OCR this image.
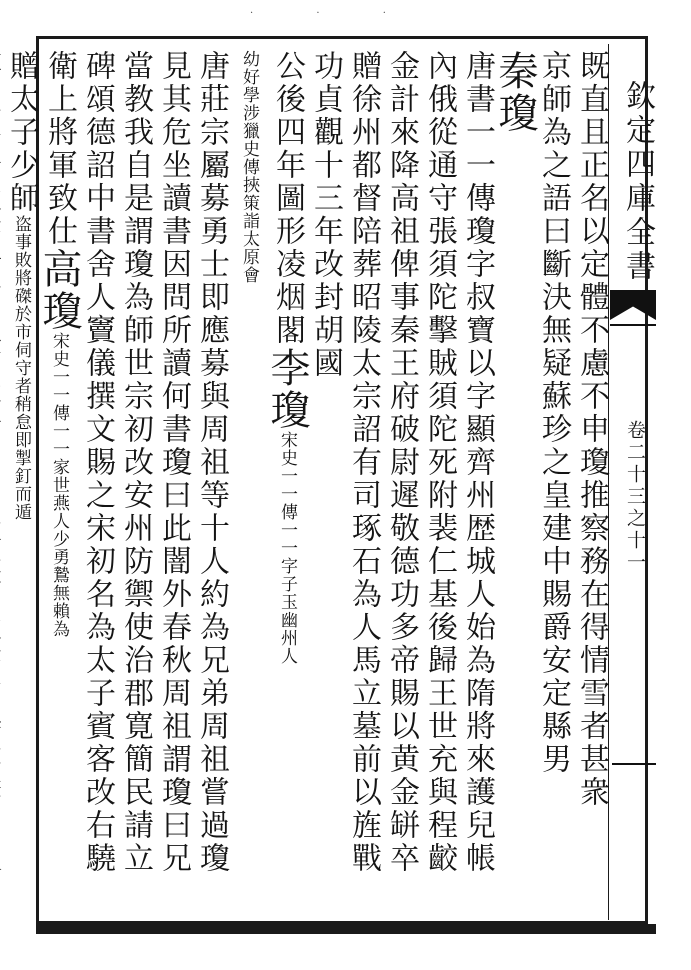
· · ·
欽定四庫全書
卷二十三之十一
既直且正名以定體不慮不申瓊推察務在得情雪者甚衆
京師為之語曰斷決無疑蘇珍之皇建中賜爵安定縣男
秦瓊
唐書一一傳瓊字叔寶以字顯齊州歴城人始為隋將來護兒帳
內俄從通守張須陀擊賊須陀死附裴仁基後歸王世充與程齩
金計來降高祖俾事秦王府破尉遲敬德功多帝賜以黄金缾卒
贈徐州都督陪葬昭陵太宗詔有司琢石為人馬立墓前以旌戰
功貞觀十三年改封胡國
公後四年圖形凌烟閣李瓊宋史一一傳一一字子玉幽州人
幼好學涉獵史傳挾策詣太原會
唐莊宗屬募勇士即應募與周祖等十人約為兄弟周祖嘗過瓊
見其危坐讀書因問所讀何書瓊曰此闇外春秋周祖謂瓊曰兄
當教我自是謂瓊為師世宗初改安州防禦使治郡寛簡民請立
碑頌德詔中書舍人竇儀撰文賜之宋初名為太子賓客改右驍
衛上將軍致仕高瓊宋史一一傳一一家世燕人少勇鷙無賴為
贈太子少師盗事敗將磔於市伺守者稍怠即掣釘而遁
